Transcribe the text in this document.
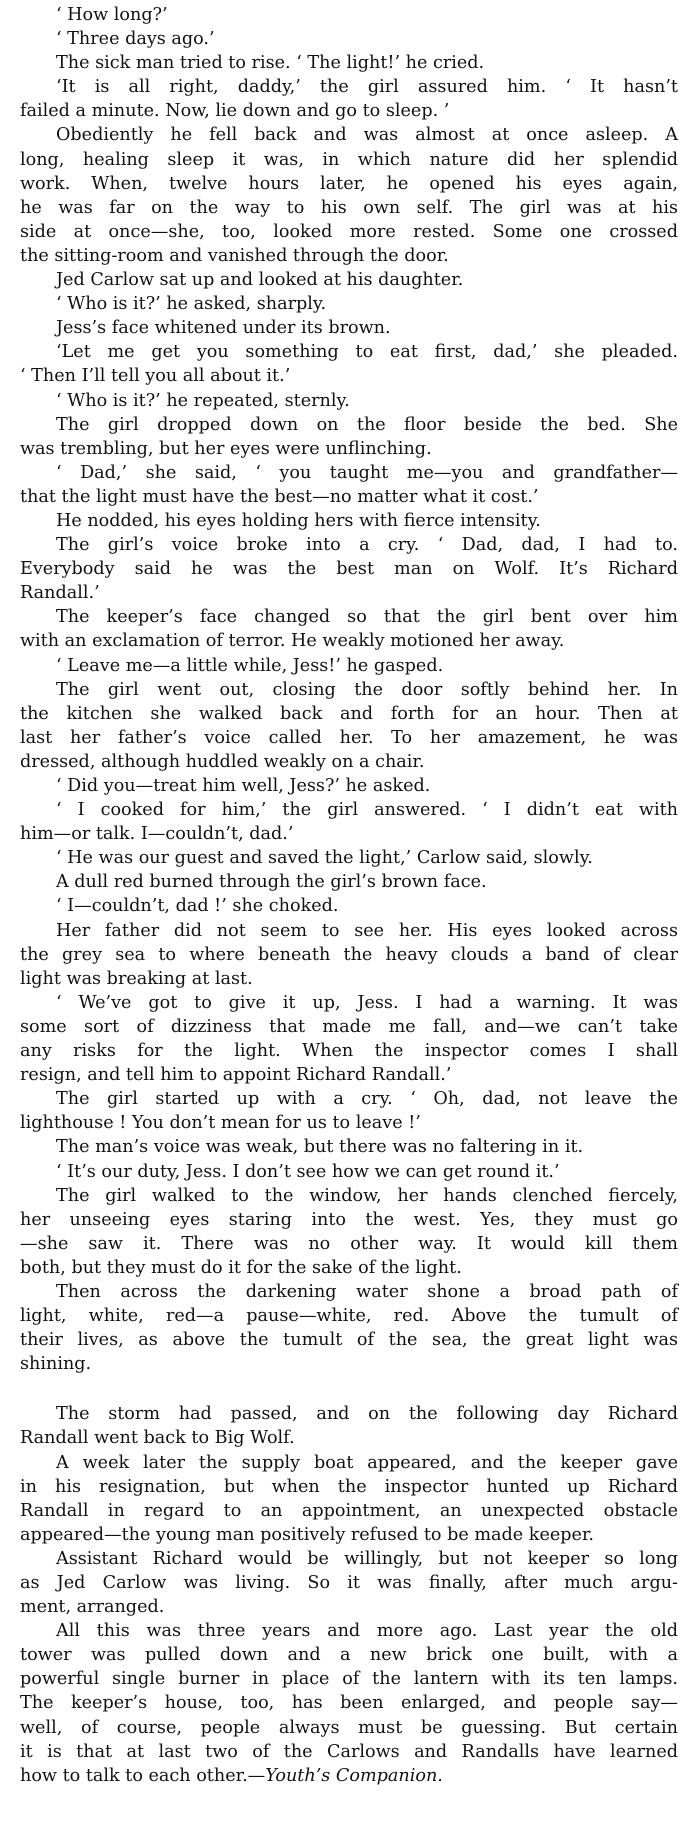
‘ How long?’
‘ Three days ago.’
The sick man tried to rise. ‘ The light!’ he cried.
‘It is all right, daddy,’ the girl assured him. ‘ It hasn’t
failed a minute. Now, lie down and go to sleep. ’
Obediently he fell back and was almost at once asleep. A
long, healing sleep it was, in which nature did her splendid
work. When, twelve hours later, he opened his eyes again,
he was far on the way to his own self. The girl was at his
side at once—she, too, looked more rested. Some one crossed
the sitting-room and vanished through the door.
Jed Carlow sat up and looked at his daughter.
‘ Who is it?’ he asked, sharply.
Jess’s face whitened under its brown.
‘Let me get you something to eat first, dad,’ she pleaded.
‘ Then I’ll tell you all about it.’
‘ Who is it?’ he repeated, sternly.
The girl dropped down on the floor beside the bed. She
was trembling, but her eyes were unflinching.
‘ Dad,’ she said, ‘ you taught me—you and grandfather—
that the light must have the best—no matter what it cost.’
He nodded, his eyes holding hers with fierce intensity.
The girl’s voice broke into a cry. ‘ Dad, dad, I had to.
Everybody said he was the best man on Wolf. It’s Richard
Randall.’
The keeper’s face changed so that the girl bent over him
with an exclamation of terror. He weakly motioned her away.
‘ Leave me—a little while, Jess!’ he gasped.
The girl went out, closing the door softly behind her. In
the kitchen she walked back and forth for an hour. Then at
last her father’s voice called her. To her amazement, he was
dressed, although huddled weakly on a chair.
‘ Did you—treat him well, Jess?’ he asked.
‘ I cooked for him,’ the girl answered. ‘ I didn’t eat with
him—or talk. I—couldn’t, dad.’
‘ He was our guest and saved the light,’ Carlow said, slowly.
A dull red burned through the girl’s brown face.
‘ I—couldn’t, dad !’ she choked.
Her father did not seem to see her. His eyes looked across
the grey sea to where beneath the heavy clouds a band of clear
light was breaking at last.
‘ We’ve got to give it up, Jess. I had a warning. It was
some sort of dizziness that made me fall, and—we can’t take
any risks for the light. When the inspector comes I shall
resign, and tell him to appoint Richard Randall.’
The girl started up with a cry. ‘ Oh, dad, not leave the
lighthouse ! You don’t mean for us to leave !’
The man’s voice was weak, but there was no faltering in it.
‘ It’s our duty, Jess. I don’t see how we can get round it.’
The girl walked to the window, her hands clenched fiercely,
her unseeing eyes staring into the west. Yes, they must go
—she saw it. There was no other way. It would kill them
both, but they must do it for the sake of the light.
Then across the darkening water shone a broad path of
light, white, red—a pause—white, red. Above the tumult of
their lives, as above the tumult of the sea, the great light was
shining.
The storm had passed, and on the following day Richard
Randall went back to Big Wolf.
A week later the supply boat appeared, and the keeper gave
in his resignation, but when the inspector hunted up Richard
Randall in regard to an appointment, an unexpected obstacle
appeared—the young man positively refused to be made keeper.
Assistant Richard would be willingly, but not keeper so long
as Jed Carlow was living. So it was finally, after much argu-
ment, arranged.
All this was three years and more ago. Last year the old
tower was pulled down and a new brick one built, with a
powerful single burner in place of the lantern with its ten lamps.
The keeper’s house, too, has been enlarged, and people say—
well, of course, people always must be guessing. But certain
it is that at last two of the Carlows and Randalls have learned
how to talk to each other.—Youth’s Companion.
